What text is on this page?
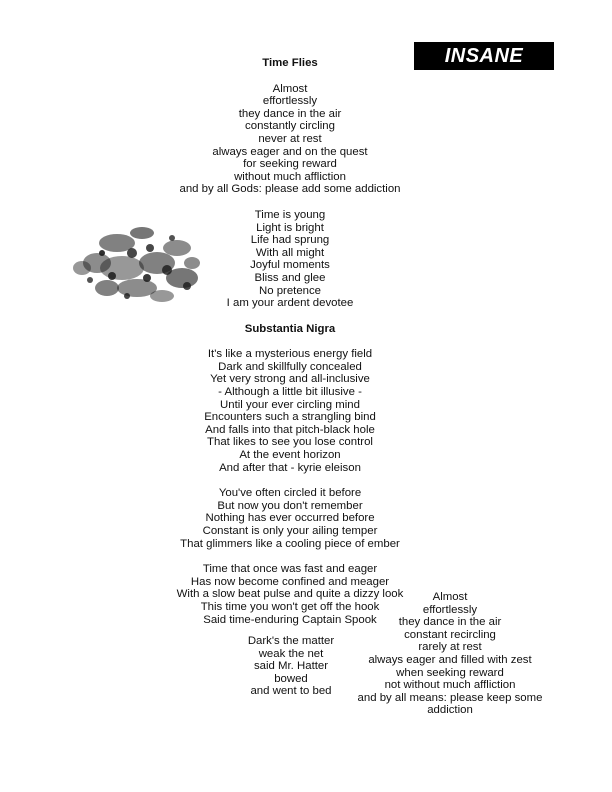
INSANE
Time Flies
Almost
effortlessly
they dance in the air
constantly circling
never at rest
always eager and on the quest
for seeking reward
without much affliction
and by all Gods: please add some addiction
Time is young
Light is bright
Life had sprung
With all might
Joyful moments
Bliss and glee
No pretence
I am your ardent devotee
Substantia Nigra
It's like a mysterious energy field
Dark and skillfully concealed
Yet very strong and all-inclusive
- Although a little bit illusive -
Until your ever circling mind
Encounters such a strangling bind
And falls into that pitch-black hole
That likes to see you lose control
At the event horizon
And after that - kyrie eleison
You've often circled it before
But now you don't remember
Nothing has ever occurred before
Constant is only your ailing temper
That glimmers like a cooling piece of ember
Time that once was fast and eager
Has now become confined and meager
With a slow beat pulse and quite a dizzy look
This time you won't get off the hook
Said time-enduring Captain Spook
Dark's the matter
weak the net
said Mr. Hatter
bowed
and went to bed
Almost
effortlessly
they dance in the air
constant recircling
rarely at rest
always eager and filled with zest
when seeking reward
not without much affliction
and by all means: please keep some
addiction
